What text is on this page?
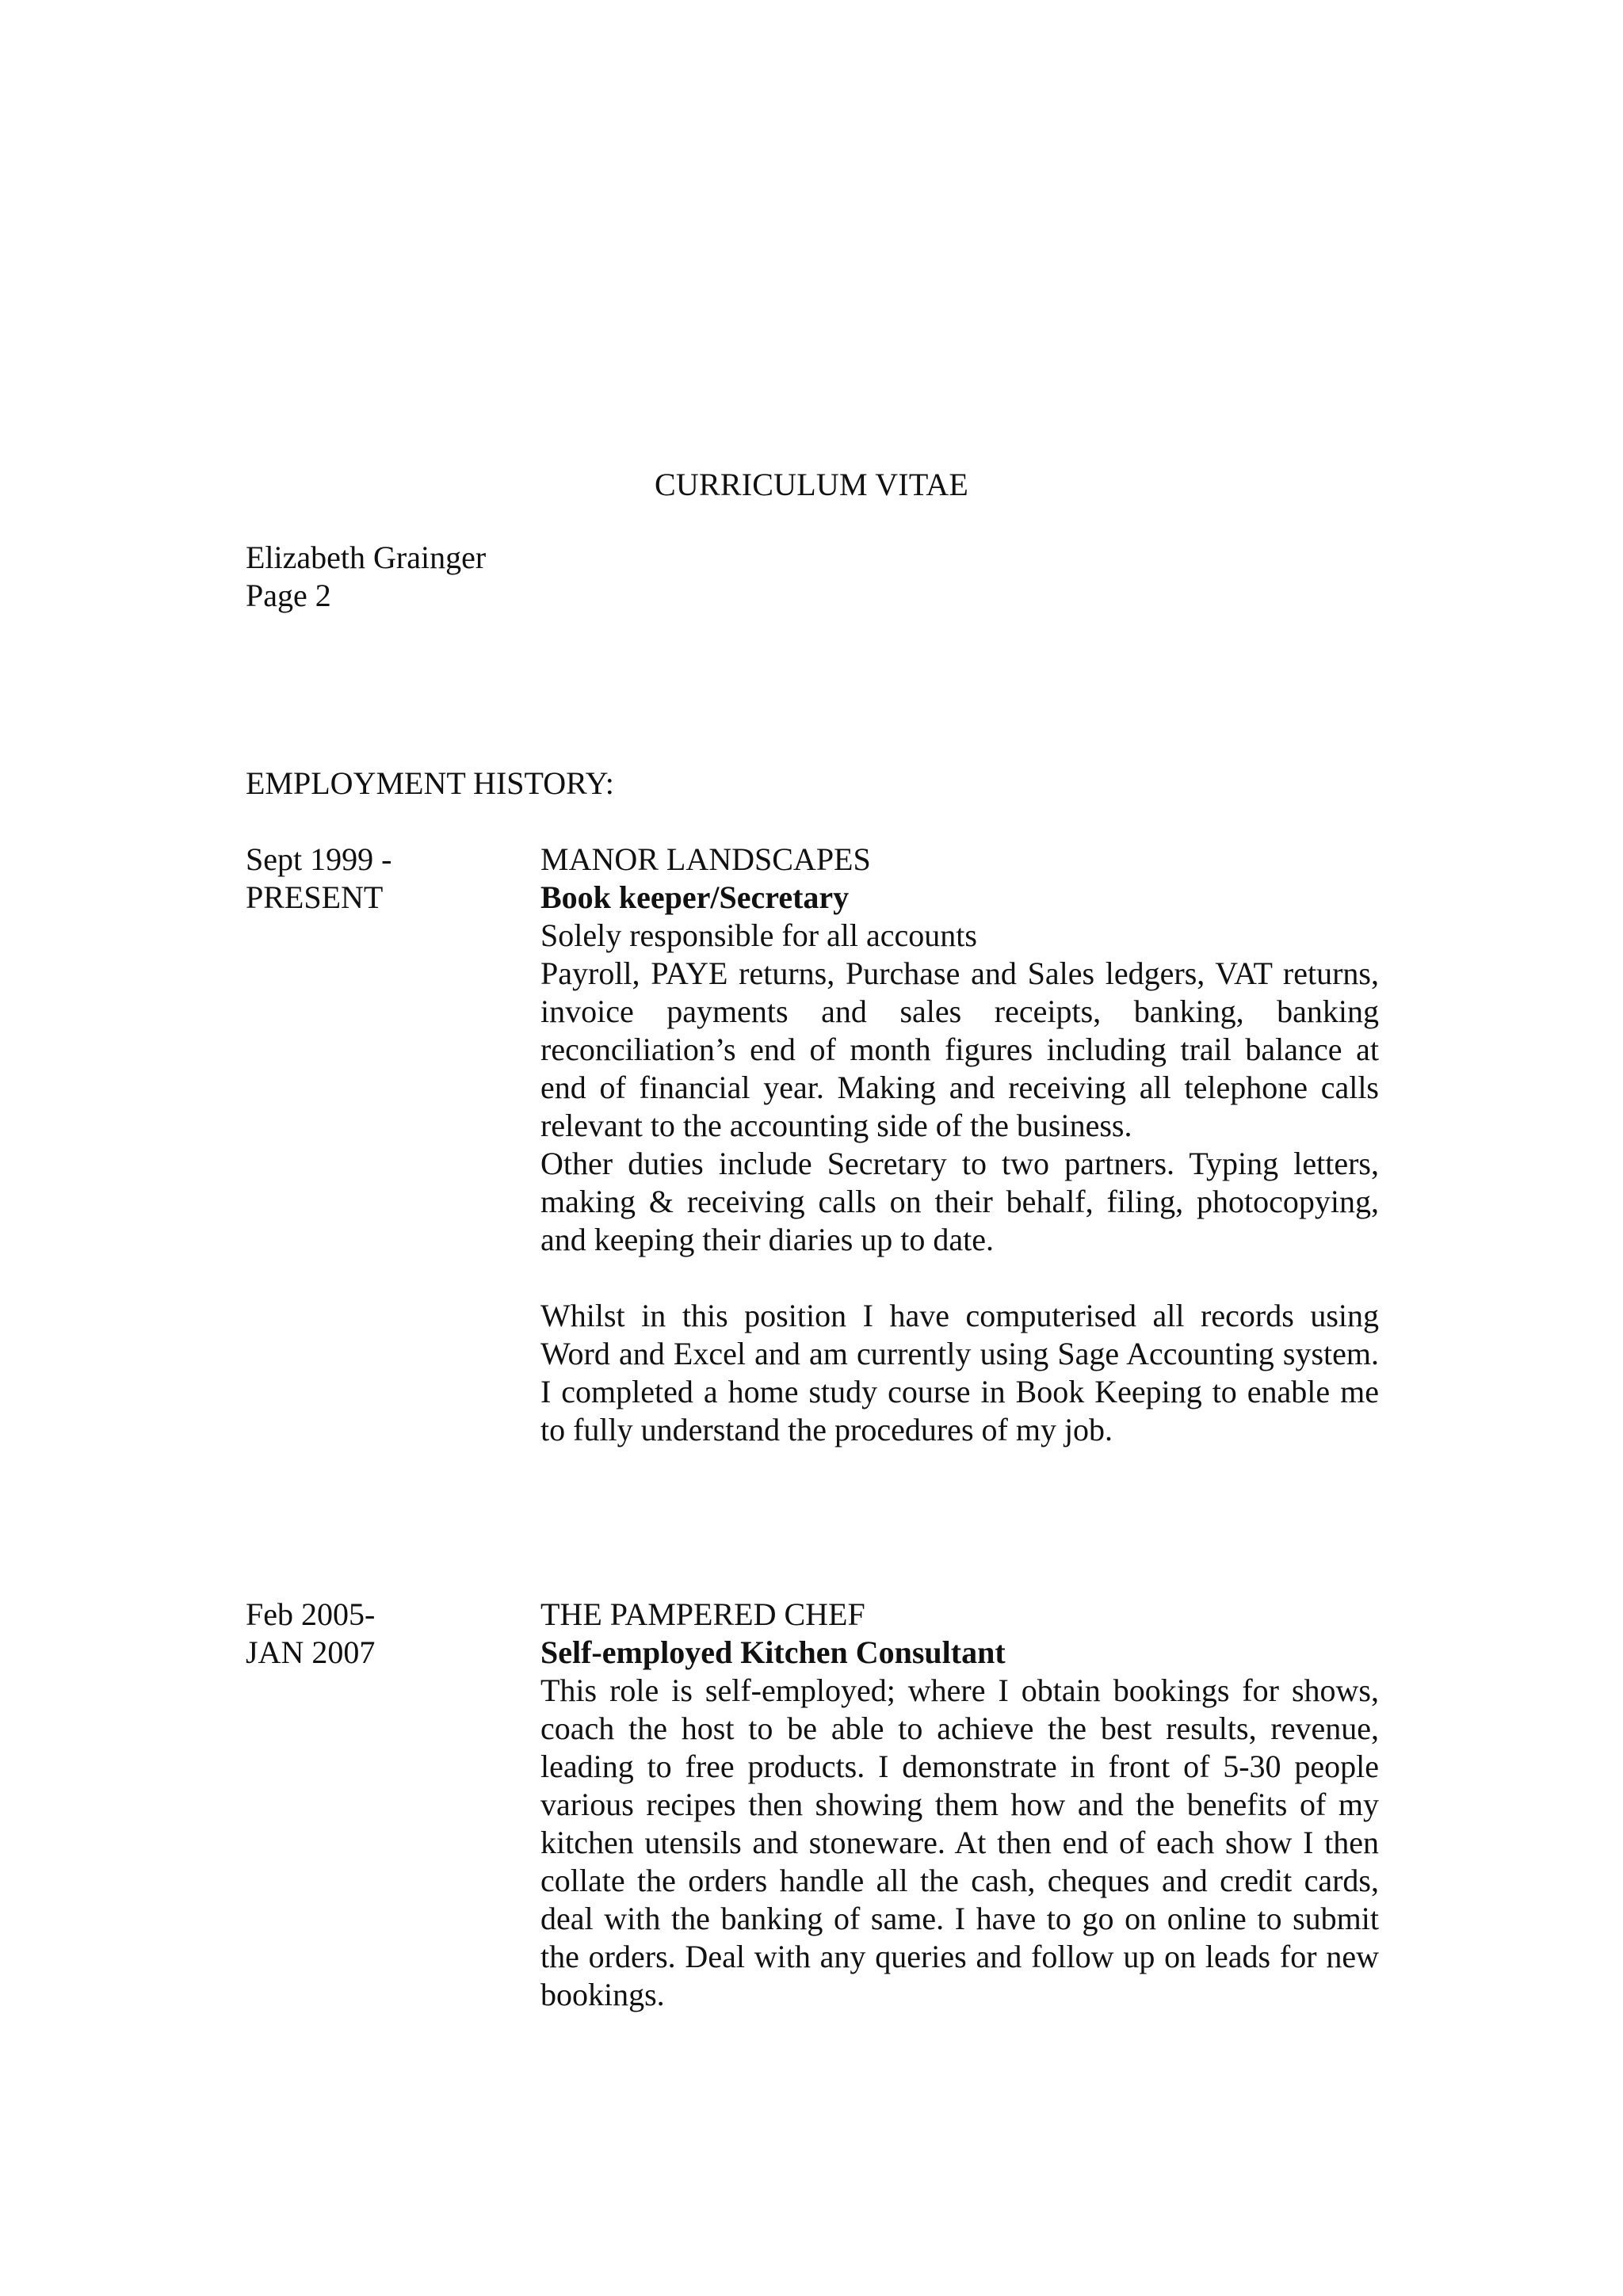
CURRICULUM VITAE
Elizabeth Grainger
Page 2
EMPLOYMENT HISTORY:
Sept 1999 -
PRESENT
MANOR LANDSCAPES
Book keeper/Secretary

Solely responsible for all accounts

Payroll, PAYE returns, Purchase and Sales ledgers, VAT returns, invoice payments and sales receipts, banking, banking reconciliation’s end of month figures including trail balance at end of financial year. Making and receiving all telephone calls relevant to the accounting side of the business.

Other duties include Secretary to two partners. Typing letters, making & receiving calls on their behalf, filing, photocopying, and keeping their diaries up to date.

Whilst in this position I have computerised all records using Word and Excel and am currently using Sage Accounting system. I completed a home study course in Book Keeping to enable me to fully understand the procedures of my job.

Feb 2005-
JAN 2007
THE PAMPERED CHEF
Self-employed Kitchen Consultant

This role is self-employed; where I obtain bookings for shows, coach the host to be able to achieve the best results, revenue, leading to free products. I demonstrate in front of 5-30 people various recipes then showing them how and the benefits of my kitchen utensils and stoneware. At then end of each show I then collate the orders handle all the cash, cheques and credit cards, deal with the banking of same. I have to go on online to submit the orders. Deal with any queries and follow up on leads for new bookings.
